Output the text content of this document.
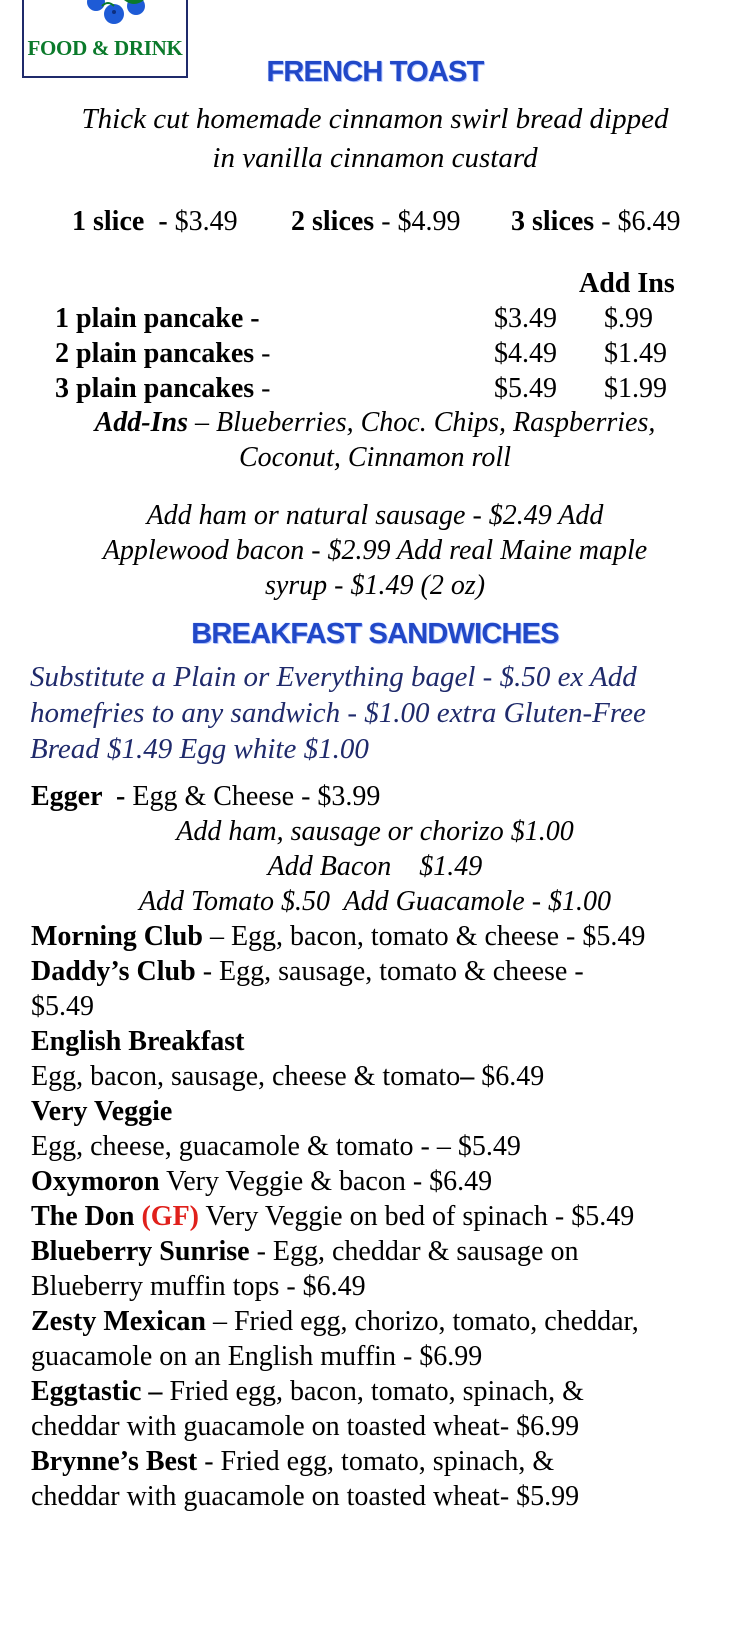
FOOD & DRINK
FRENCH TOAST
Thick cut homemade cinnamon swirl bread dipped
in vanilla cinnamon custard
1 slice  - $3.49 2 slices - $4.99 3 slices - $6.49
Add Ins
1 plain pancake -	$3.49 $.99
2 plain pancakes -	$4.49 $1.49
3 plain pancakes -	$5.49 $1.99
Add-Ins – Blueberries, Choc. Chips, Raspberries,
Coconut, Cinnamon roll
Add ham or natural sausage - $2.49 Add
Applewood bacon - $2.99 Add real Maine maple
syrup - $1.49 (2 oz)
BREAKFAST SANDWICHES
Substitute a Plain or Everything bagel - $.50 ex Add
homefries to any sandwich - $1.00 extra Gluten-Free
Bread $1.49 Egg white $1.00
Egger  - Egg & Cheese - $3.99
Add ham, sausage or chorizo $1.00
Add Bacon    $1.49
Add Tomato $.50  Add Guacamole - $1.00
Morning Club – Egg, bacon, tomato & cheese - $5.49
Daddy’s Club - Egg, sausage, tomato & cheese -
$5.49
English Breakfast
Egg, bacon, sausage, cheese & tomato– $6.49
Very Veggie
Egg, cheese, guacamole & tomato - – $5.49
Oxymoron Very Veggie & bacon - $6.49
The Don (GF) Very Veggie on bed of spinach - $5.49
Blueberry Sunrise - Egg, cheddar & sausage on
Blueberry muffin tops - $6.49
Zesty Mexican – Fried egg, chorizo, tomato, cheddar,
guacamole on an English muffin - $6.99
Eggtastic – Fried egg, bacon, tomato, spinach, &
cheddar with guacamole on toasted wheat- $6.99
Brynne’s Best - Fried egg, tomato, spinach, &
cheddar with guacamole on toasted wheat- $5.99
